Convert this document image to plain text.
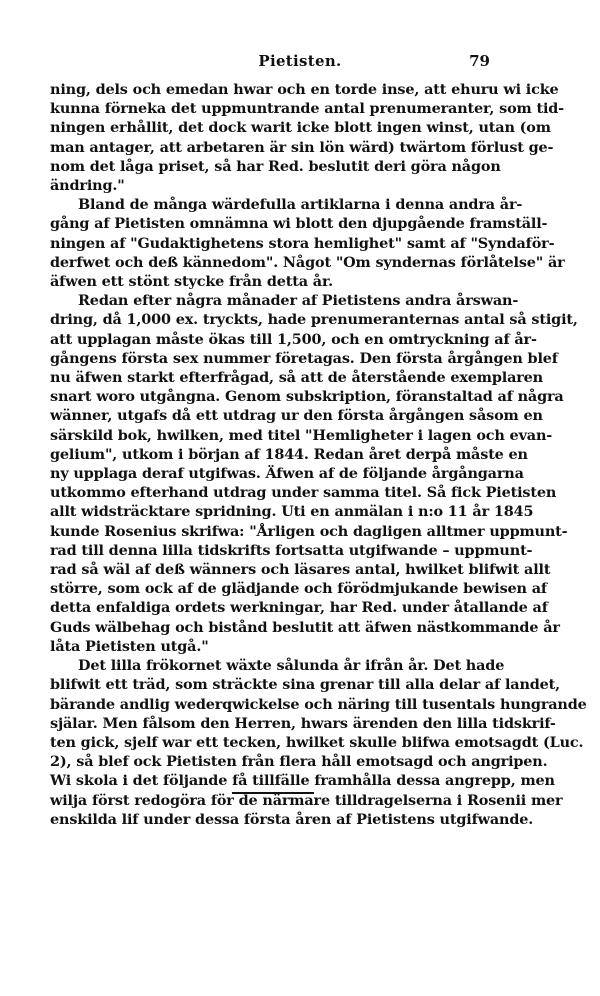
Pietisten.	79

ning, dels och emedan hwar och en torde inse, att ehuru wi icke
kunna förneka det uppmuntrande antal prenumeranter, som tid-
ningen erhållit, det dock warit icke blott ingen winst, utan (om
man antager, att arbetaren är sin lön wärd) twärtom förlust ge-
nom det låga priset, så har Red. beslutit deri göra någon
ändring."

Bland de många wärdefulla artiklarna i denna andra år-
gång af Pietisten omnämna wi blott den djupgående framställ-
ningen af "Gudaktighetens stora hemlighet" samt af "Syndaför-
derfwet och deß kännedom". Något "Om syndernas förlåtelse" är
äfwen ett stönt stycke från detta år.

Redan efter några månader af Pietistens andra årswan-
dring, då 1,000 ex. tryckts, hade prenumeranternas antal så stigit,
att upplagan måste ökas till 1,500, och en omtryckning af år-
gångens första sex nummer företagas. Den första årgången blef
nu äfwen starkt efterfrågad, så att de återstående exemplaren
snart woro utgångna. Genom subskription, föranstaltad af några
wänner, utgafs då ett utdrag ur den första årgången såsom en
särskild bok, hwilken, med titel "Hemligheter i lagen och evan-
gelium", utkom i början af 1844. Redan året derpå måste en
ny upplaga deraf utgifwas. Äfwen af de följande årgångarna
utkommo efterhand utdrag under samma titel. Så fick Pietisten
allt widsträcktare spridning. Uti en anmälan i n:o 11 år 1845
kunde Rosenius skrifwa: "Årligen och dagligen alltmer uppmunt-
rad till denna lilla tidskrifts fortsatta utgifwande – uppmunt-
rad så wäl af deß wänners och läsares antal, hwilket blifwit allt
större, som ock af de glädjande och förödmjukande bewisen af
detta enfaldiga ordets werkningar, har Red. under åtallande af
Guds wälbehag och bistånd beslutit att äfwen nästkommande år
låta Pietisten utgå."

Det lilla frökornet wäxte sålunda år ifrån år. Det hade
blifwit ett träd, som sträckte sina grenar till alla delar af landet,
bärande andlig wederqwickelse och näring till tusentals hungrande
själar. Men fålsom den Herren, hwars ärenden den lilla tidskrif-
ten gick, sjelf war ett tecken, hwilket skulle blifwa emotsagdt (Luc.
2), så blef ock Pietisten från flera håll emotsagd och angripen.
Wi skola i det följande få tillfälle framhålla dessa angrepp, men
wilja först redogöra för de närmare tilldragelserna i Roseniі mer
enskilda lif under dessa första åren af Pietistens utgifwande.
